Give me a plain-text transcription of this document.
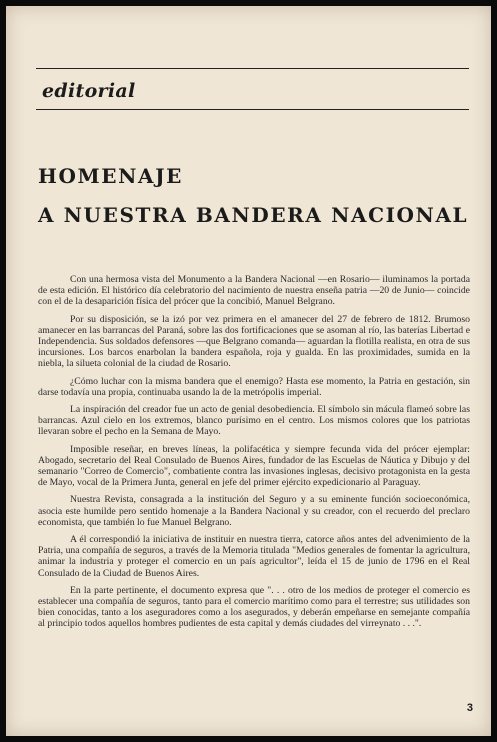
editorial
HOMENAJE
A NUESTRA BANDERA NACIONAL

Con una hermosa vista del Monumento a la Bandera Nacional —en Rosario— iluminamos la portada de esta edición. El histórico día celebratorio del nacimiento de nuestra enseña patria —20 de Junio— coincide con el de la desaparición física del prócer que la concibió, Manuel Belgrano.

Por su disposición, se la izó por vez primera en el amanecer del 27 de febrero de 1812. Brumoso amanecer en las barrancas del Paraná, sobre las dos fortificaciones que se asoman al río, las baterías Libertad e Independencia. Sus soldados defensores —que Belgrano comanda— aguardan la flotilla realista, en otra de sus incursiones. Los barcos enarbolan la bandera española, roja y gualda. En las proximidades, sumida en la niebla, la silueta colonial de la ciudad de Rosario.

¿Cómo luchar con la misma bandera que el enemigo? Hasta ese momento, la Patria en gestación, sin darse todavía una propia, continuaba usando la de la metrópolis imperial.

La inspiración del creador fue un acto de genial desobediencia. El símbolo sin mácula flameó sobre las barrancas. Azul cielo en los extremos, blanco purísimo en el centro. Los mismos colores que los patriotas llevaran sobre el pecho en la Semana de Mayo.

Imposible reseñar, en breves líneas, la polifacética y siempre fecunda vida del prócer ejemplar: Abogado, secretario del Real Consulado de Buenos Aires, fundador de las Escuelas de Náutica y Dibujo y del semanario "Correo de Comercio", combatiente contra las invasiones inglesas, decisivo protagonista en la gesta de Mayo, vocal de la Primera Junta, general en jefe del primer ejército expedicionario al Paraguay.

Nuestra Revista, consagrada a la institución del Seguro y a su eminente función socioeconómica, asocia este humilde pero sentido homenaje a la Bandera Nacional y su creador, con el recuerdo del preclaro economista, que también lo fue Manuel Belgrano.

A él correspondió la iniciativa de instituir en nuestra tierra, catorce años antes del advenimiento de la Patria, una compañía de seguros, a través de la Memoria titulada "Medios generales de fomentar la agricultura, animar la industria y proteger el comercio en un país agricultor", leída el 15 de junio de 1796 en el Real Consulado de la Ciudad de Buenos Aires.

En la parte pertinente, el documento expresa que ". . . otro de los medios de proteger el comercio es establecer una compañía de seguros, tanto para el comercio marítimo como para el terrestre; sus utilidades son bien conocidas, tanto a los aseguradores como a los asegurados, y deberán empeñarse en semejante compañía al principio todos aquellos hombres pudientes de esta capital y demás ciudades del virreynato . . .".

3
